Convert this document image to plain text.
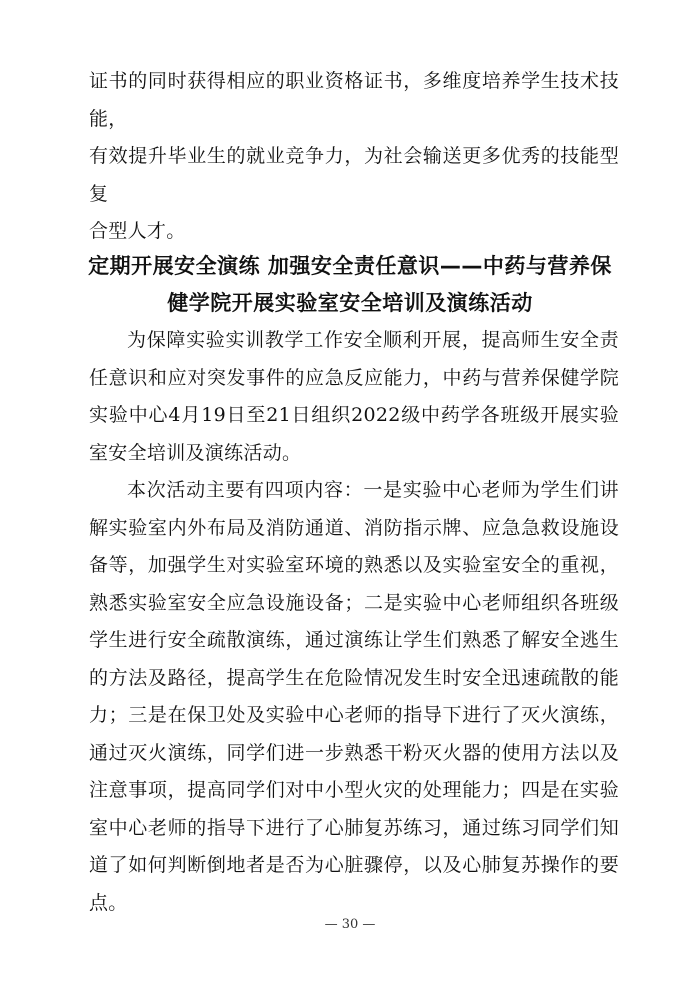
证书的同时获得相应的职业资格证书，多维度培养学生技术技能，

有效提升毕业生的就业竞争力，为社会输送更多优秀的技能型复

合型人才。

定期开展安全演练 加强安全责任意识——中药与营养保
健学院开展实验室安全培训及演练活动

为保障实验实训教学工作安全顺利开展，提高师生安全责任意识和应对突发事件的应急反应能力，中药与营养保健学院实验中心4月19日至21日组织2022级中药学各班级开展实验室安全培训及演练活动。

本次活动主要有四项内容：一是实验中心老师为学生们讲解实验室内外布局及消防通道、消防指示牌、应急急救设施设备等，加强学生对实验室环境的熟悉以及实验室安全的重视，熟悉实验室安全应急设施设备；二是实验中心老师组织各班级学生进行安全疏散演练，通过演练让学生们熟悉了解安全逃生的方法及路径，提高学生在危险情况发生时安全迅速疏散的能力；三是在保卫处及实验中心老师的指导下进行了灭火演练，通过灭火演练，同学们进一步熟悉干粉灭火器的使用方法以及注意事项，提高同学们对中小型火灾的处理能力；四是在实验室中心老师的指导下进行了心肺复苏练习，通过练习同学们知道了如何判断倒地者是否为心脏骤停，以及心肺复苏操作的要点。

— 30 —
